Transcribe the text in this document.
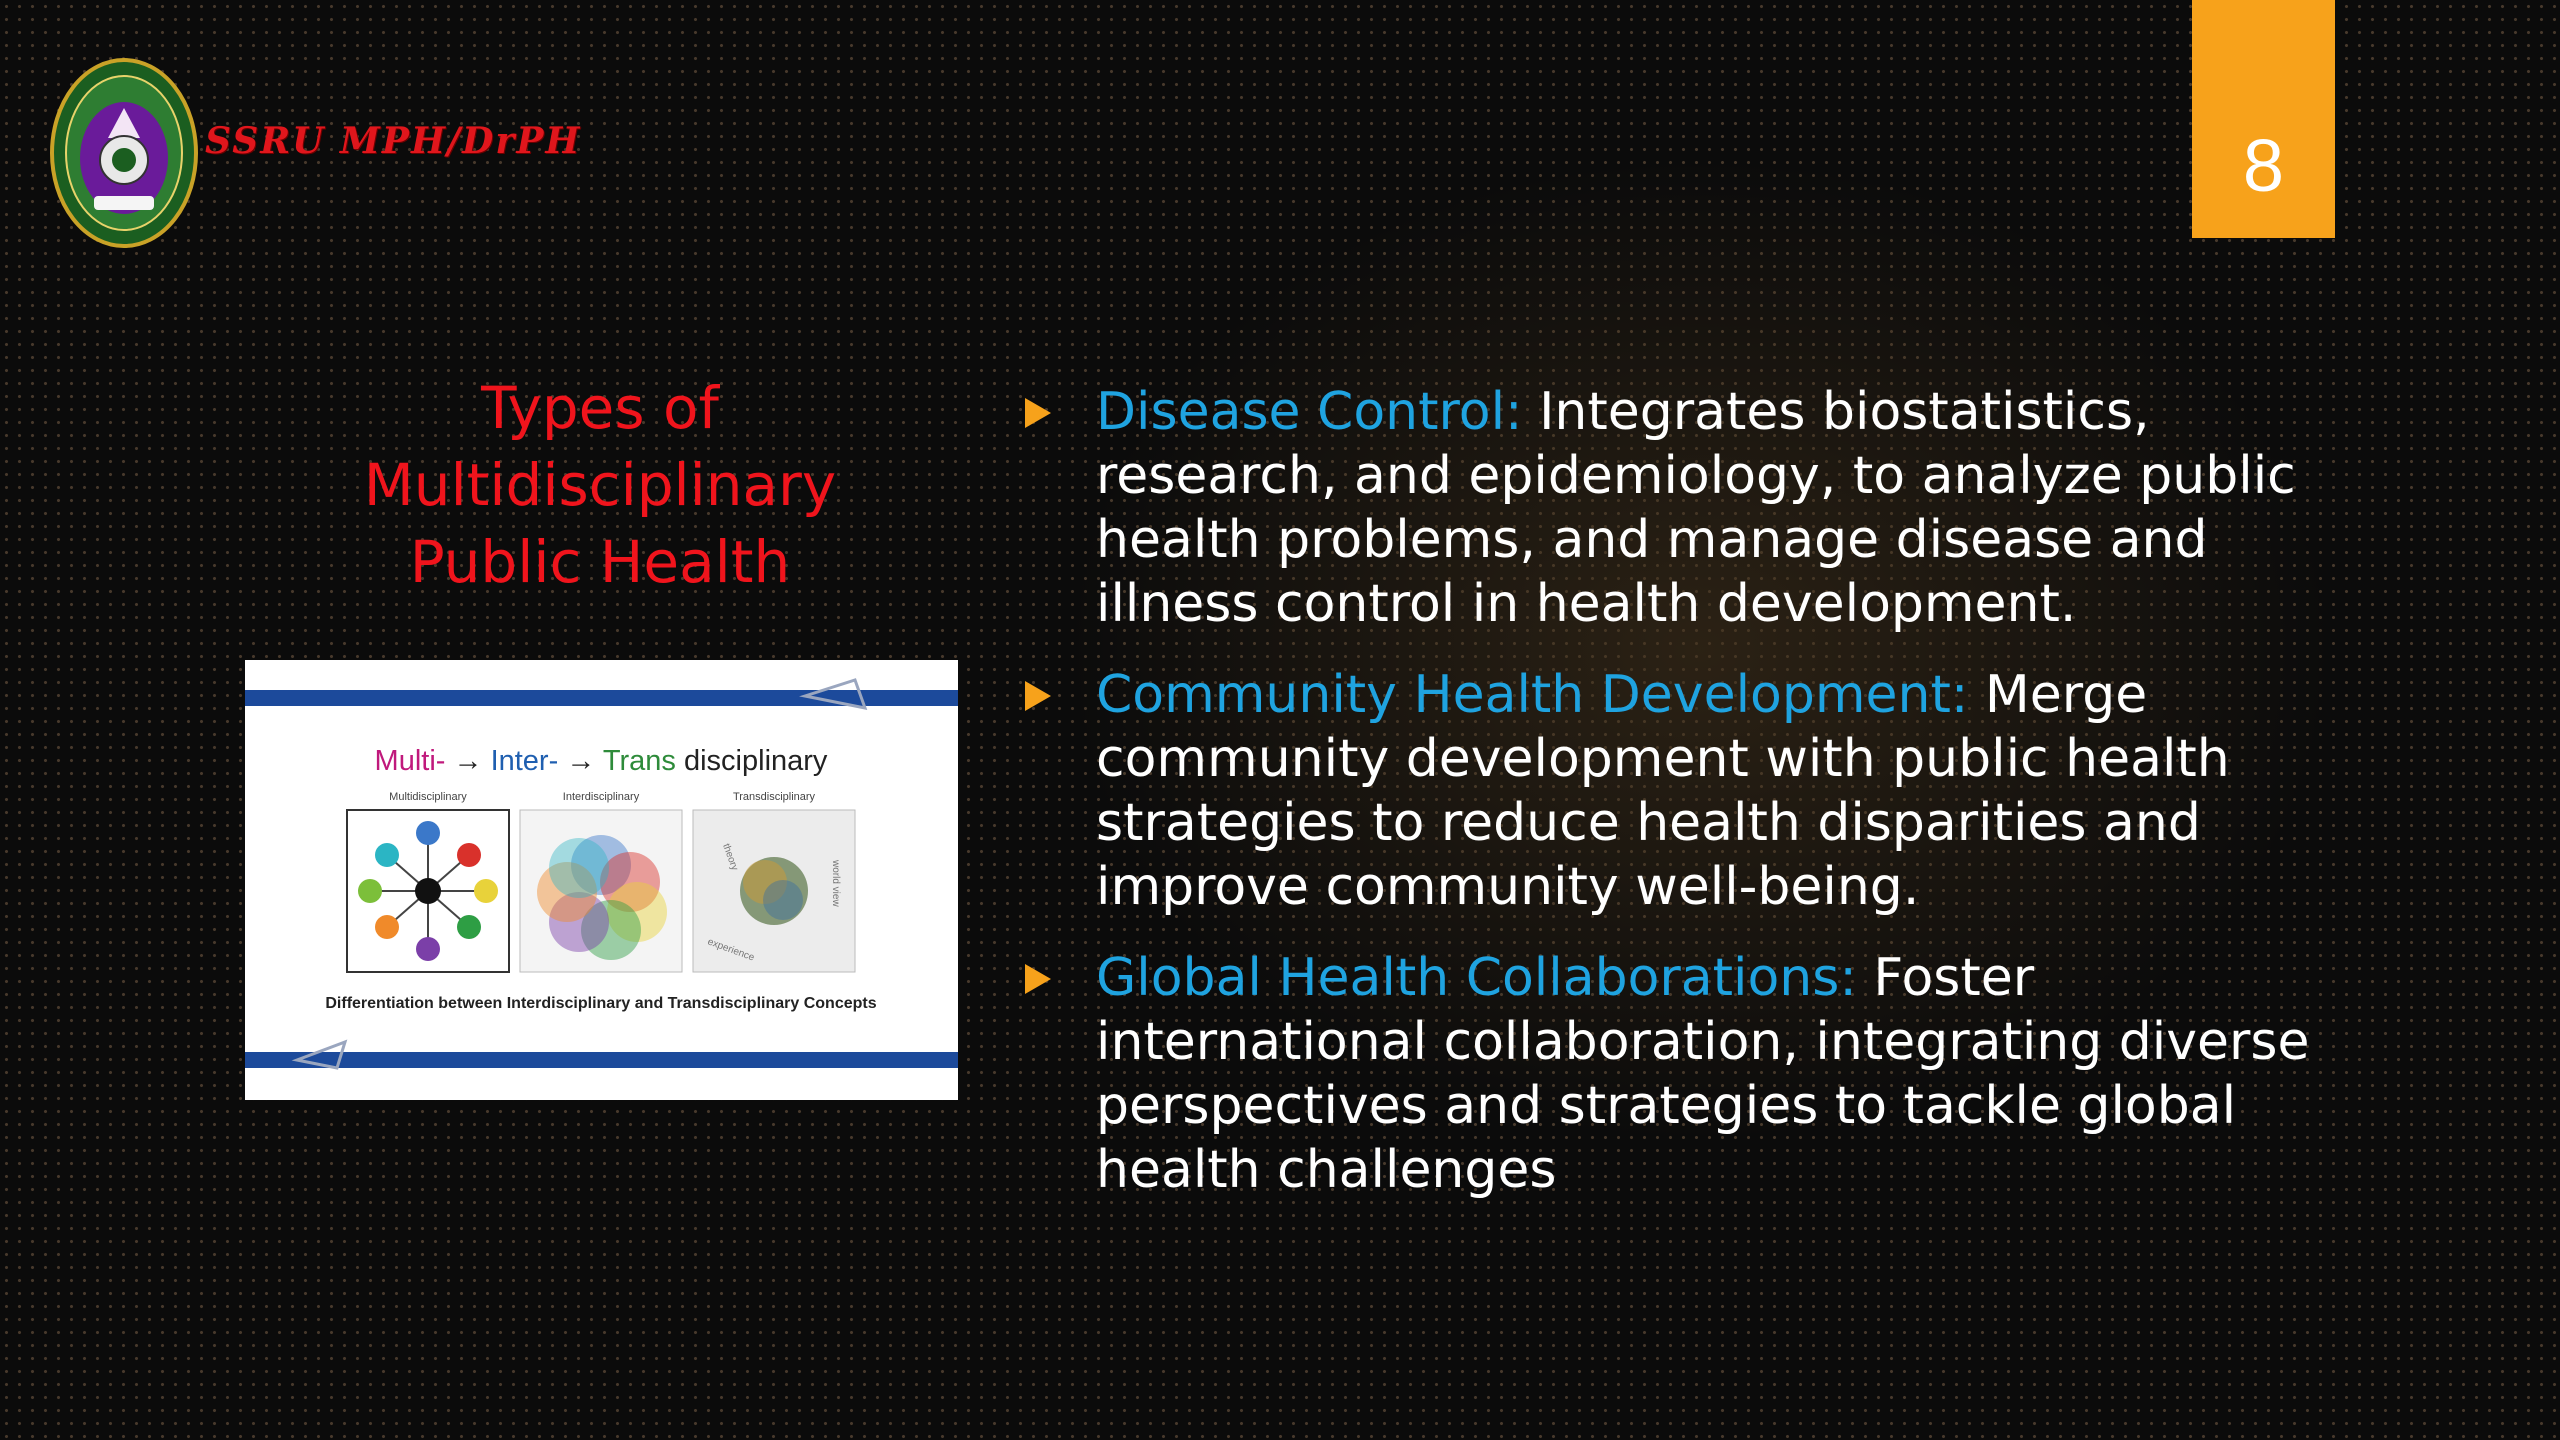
SSRU MPH/DrPH	8
Types of
Multidisciplinary
Public Health
Multi- → Inter- → Trans disciplinary
Multidisciplinary	Interdisciplinary	Transdisciplinary
theory
world view
experience
Differentiation between Interdisciplinary and Transdisciplinary Concepts
Disease Control: Integrates biostatistics, research, and epidemiology, to analyze public health problems, and manage disease and illness control in health development.
Community Health Development: Merge community development with public health strategies to reduce health disparities and improve community well-being.
Global Health Collaborations: Foster international collaboration, integrating diverse perspectives and strategies to tackle global health challenges
